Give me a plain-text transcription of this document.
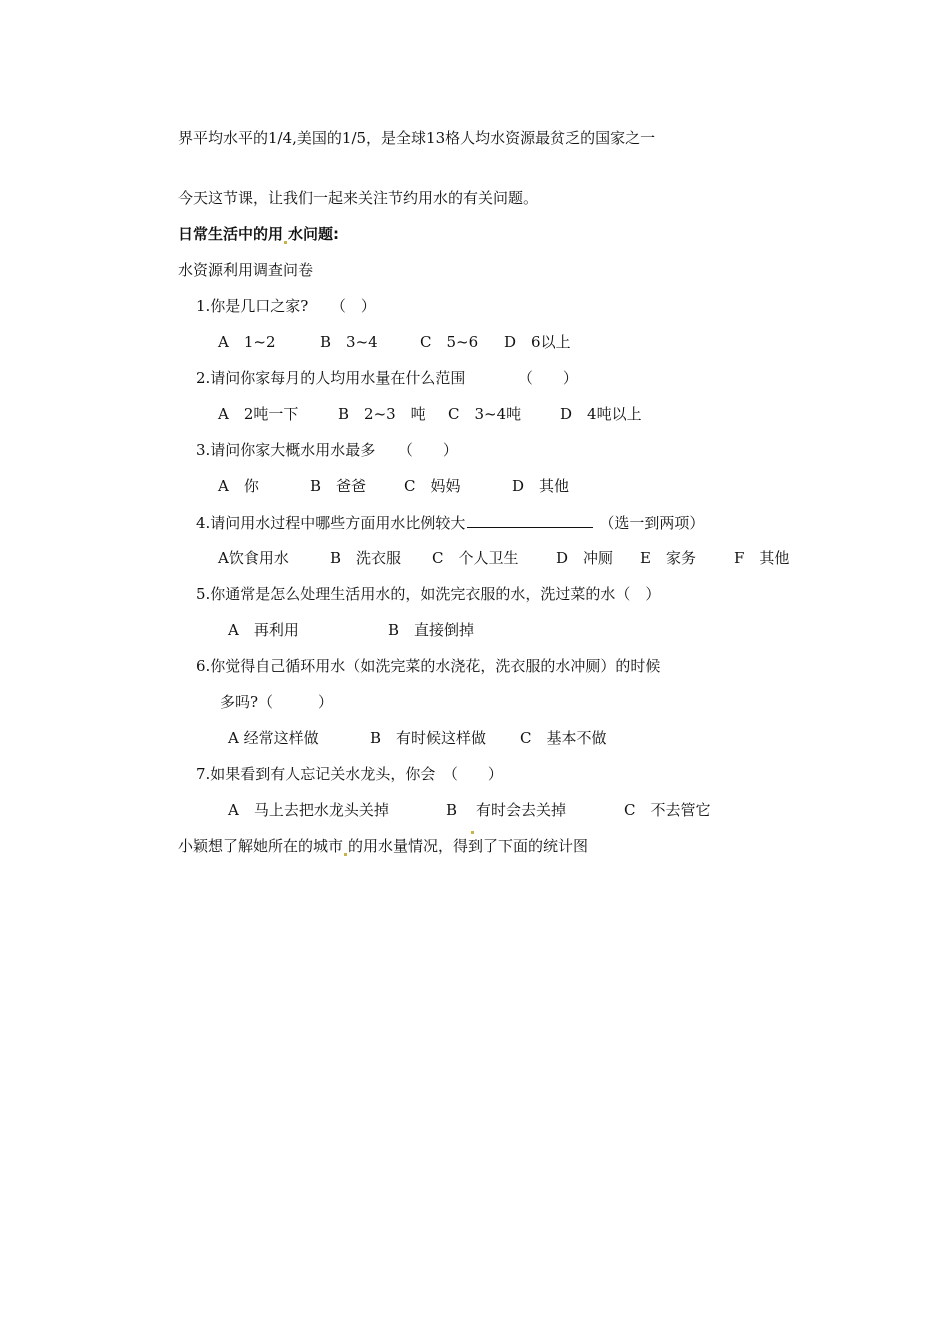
界平均水平的1/4,美国的1/5，是全球13格人均水资源最贫乏的国家之一
今天这节课，让我们一起来关注节约用水的有关问题。
日常生活中的用 水问题:
水资源利用调查问卷
1.你是几口之家?　　（　）
A　1~2	B　3~4	C　5~6 D　6以上
2.请问你家每月的人均用水量在什么范围　　　　（　　）
A　2吨一下	B　2~3　吨 C　3~4吨	D　4吨以上
3.请问你家大概水用水最多　　（　　）
A　你	B　爸爸	C　妈妈	D　其他
4.请问用水过程中哪些方面用水比例较大	（选一到两项）
A饮食用水	B　洗衣服 C　个人卫生	D　冲厕 E　家务	F　其他
5.你通常是怎么处理生活用水的，如洗完衣服的水，洗过菜的水（　）
A　再利用	B　直接倒掉
6.你觉得自己循环用水（如洗完菜的水浇花，洗衣服的水冲厕）的时候
多吗?（　　　）
A 经常这样做	B　有时候这样做 C　基本不做
7.如果看到有人忘记关水龙头，你会　（　　）
A　马上去把水龙头关掉	B 有时会去关掉	C　不去管它
小颖想了解她所在的城市 的用水量情况，得到了下面的统计图
